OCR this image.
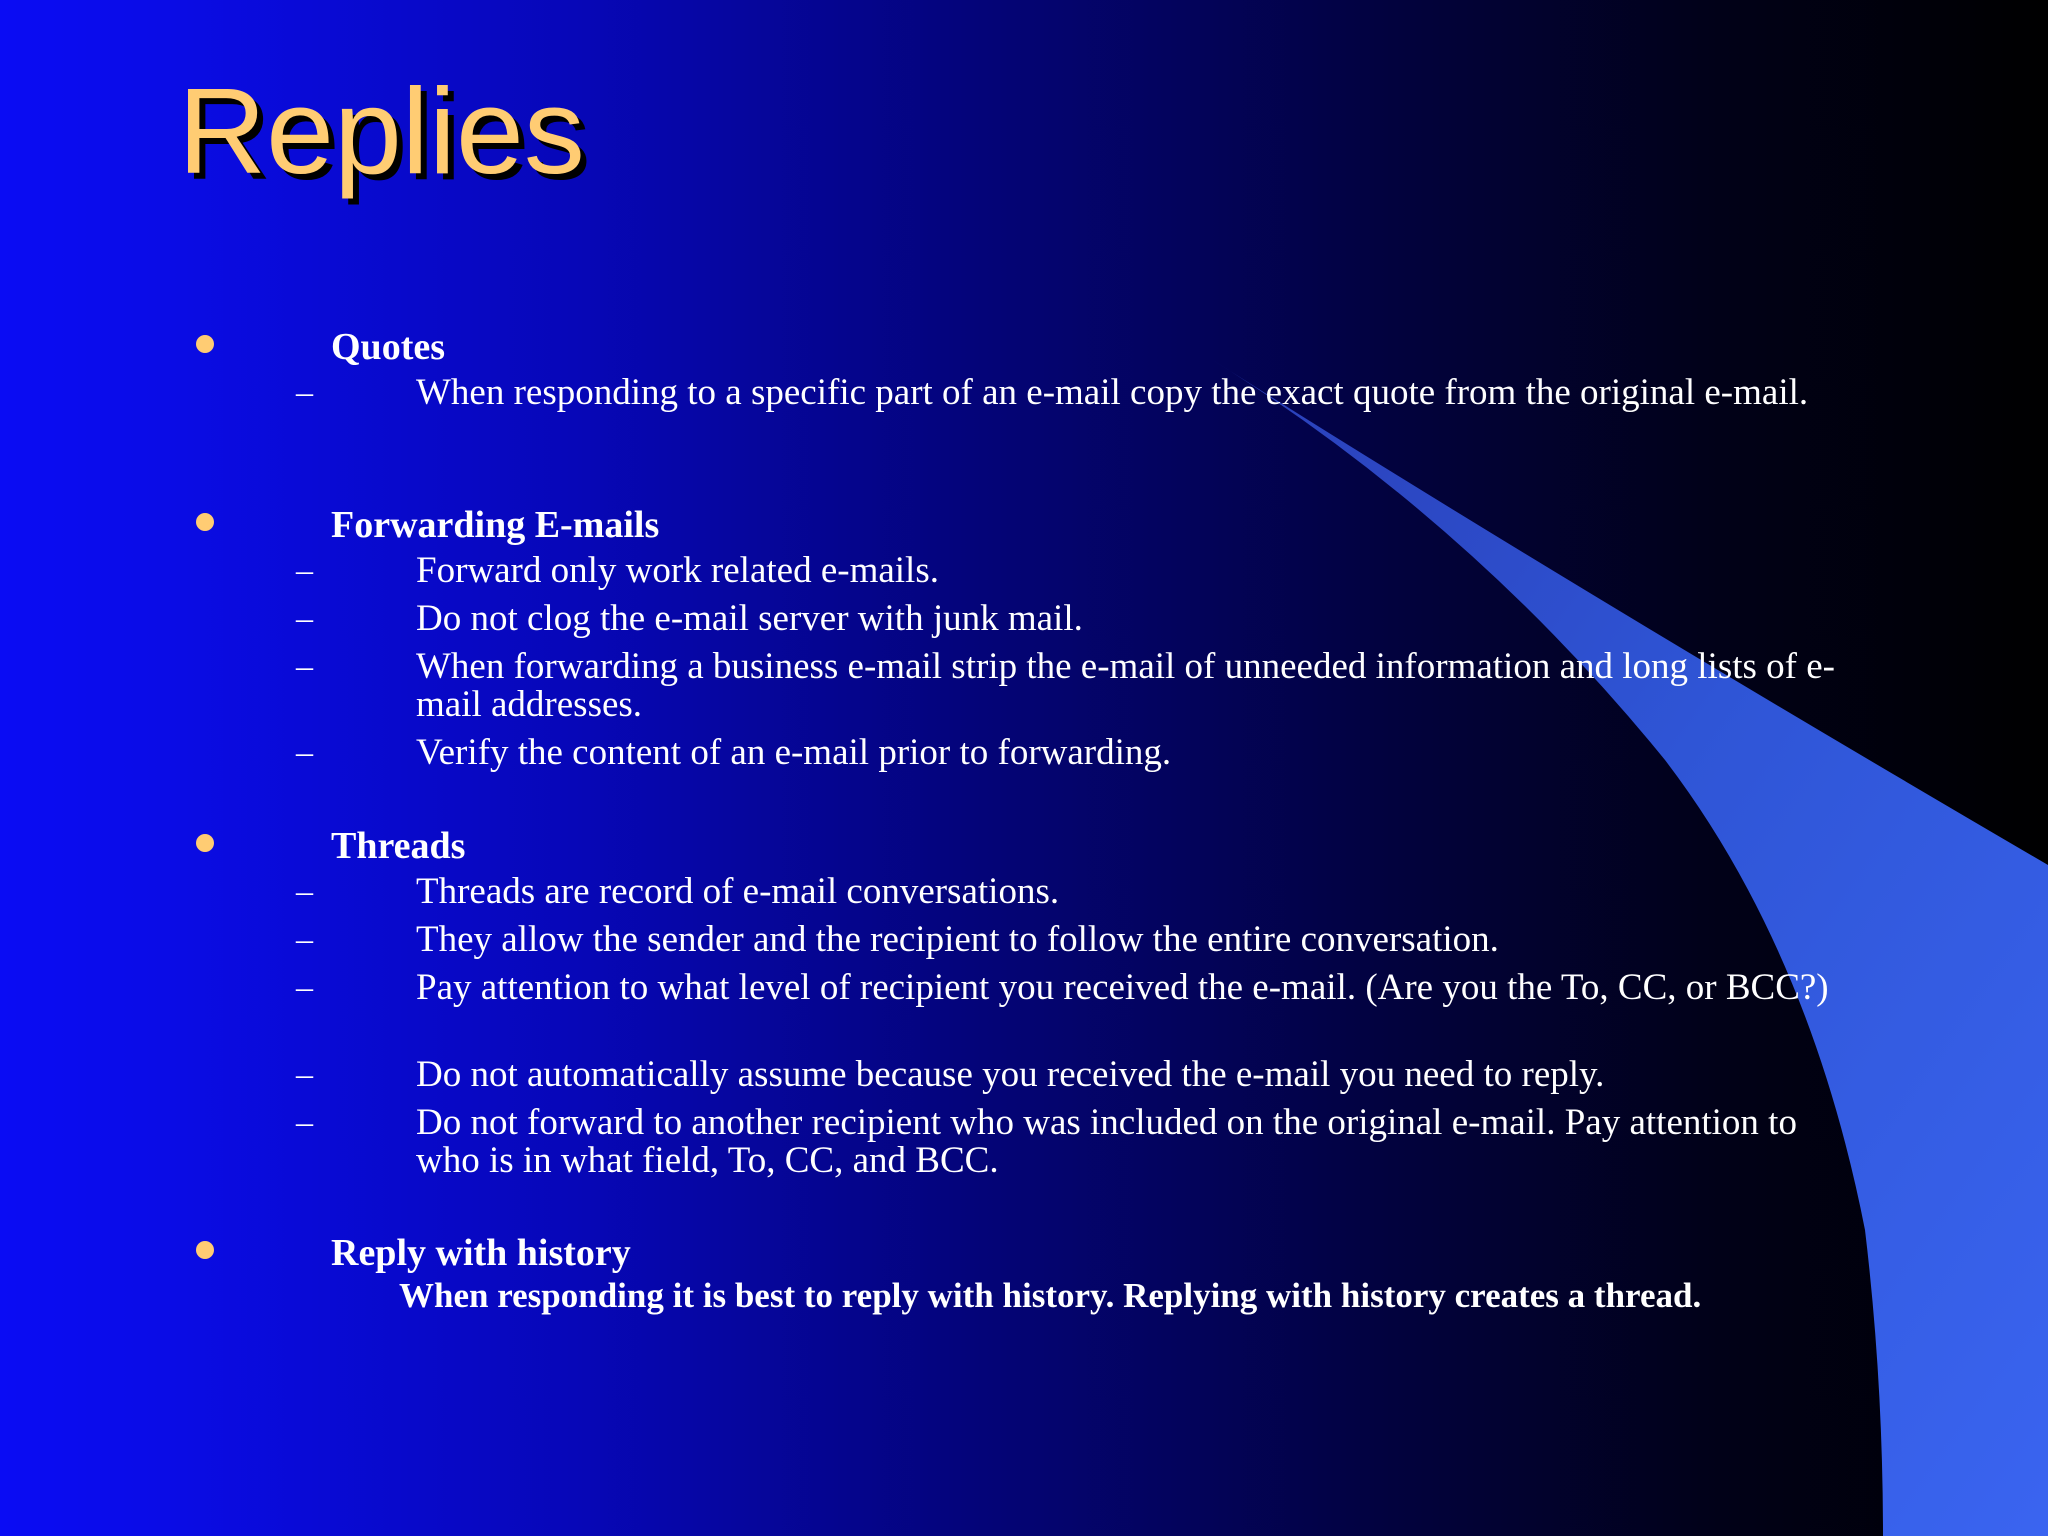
Replies
Quotes
–	When responding to a specific part of an e-mail copy the exact quote from the original e-mail.
Forwarding E-mails
–	Forward only work related e-mails.
–	Do not clog the e-mail server with junk mail.
–	When forwarding a business e-mail strip the e-mail of unneeded information and long lists of e-mail addresses.
–	Verify the content of an e-mail prior to forwarding.
Threads
–	Threads are record of e-mail conversations.
–	They allow the sender and the recipient to follow the entire conversation.
–	Pay attention to what level of recipient you received the e-mail. (Are you the To, CC, or BCC?)
–	Do not automatically assume because you received the e-mail you need to reply.
–	Do not forward to another recipient who was included on the original e-mail. Pay attention to who is in what field, To, CC, and BCC.
Reply with history
When responding it is best to reply with history. Replying with history creates a thread.
